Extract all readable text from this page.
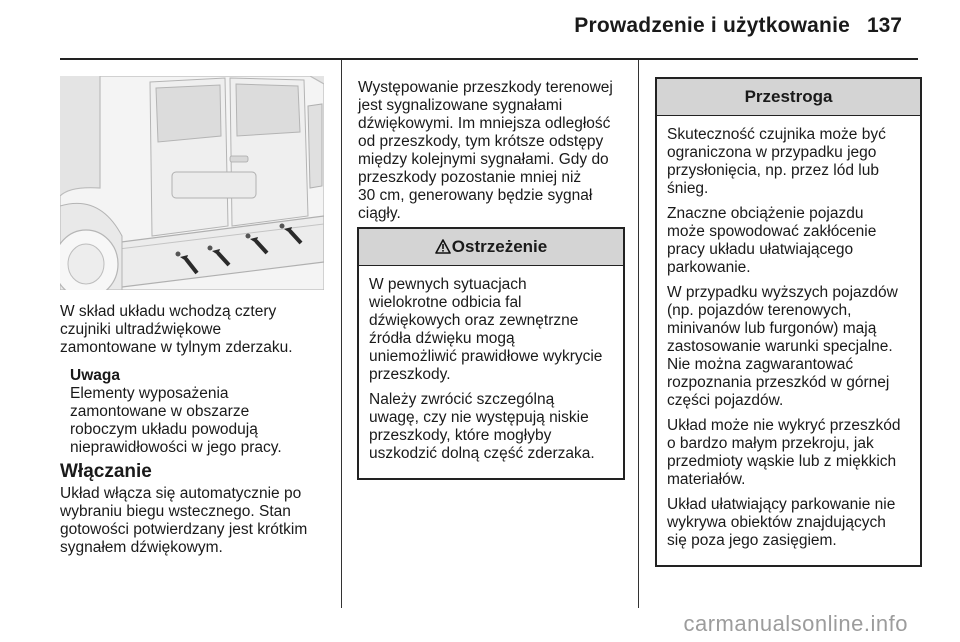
Prowadzenie i użytkowanie 137
W skład układu wchodzą cztery
czujniki ultradźwiękowe
zamontowane w tylnym zderzaku.
Uwaga
Elementy wyposażenia
zamontowane w obszarze
roboczym układu powodują
nieprawidłowości w jego pracy.
Włączanie
Układ włącza się automatycznie po
wybraniu biegu wstecznego. Stan
gotowości potwierdzany jest krótkim
sygnałem dźwiękowym.
Występowanie przeszkody terenowej
jest sygnalizowane sygnałami
dźwiękowymi. Im mniejsza odległość
od przeszkody, tym krótsze odstępy
między kolejnymi sygnałami. Gdy do
przeszkody pozostanie mniej niż
30 cm, generowany będzie sygnał
ciągły.
Ostrzeżenie

W pewnych sytuacjach
wielokrotne odbicia fal
dźwiękowych oraz zewnętrzne
źródła dźwięku mogą
uniemożliwić prawidłowe wykrycie
przeszkody.

Należy zwrócić szczególną
uwagę, czy nie występują niskie
przeszkody, które mogłyby
uszkodzić dolną część zderzaka.

Przestroga

Skuteczność czujnika może być
ograniczona w przypadku jego
przysłonięcia, np. przez lód lub
śnieg.

Znaczne obciążenie pojazdu
może spowodować zakłócenie
pracy układu ułatwiającego
parkowanie.

W przypadku wyższych pojazdów
(np. pojazdów terenowych,
minivanów lub furgonów) mają
zastosowanie warunki specjalne.
Nie można zagwarantować
rozpoznania przeszkód w górnej
części pojazdów.

Układ może nie wykryć przeszkód
o bardzo małym przekroju, jak
przedmioty wąskie lub z miękkich
materiałów.

Układ ułatwiający parkowanie nie
wykrywa obiektów znajdujących
się poza jego zasięgiem.

carmanualsonline.info
